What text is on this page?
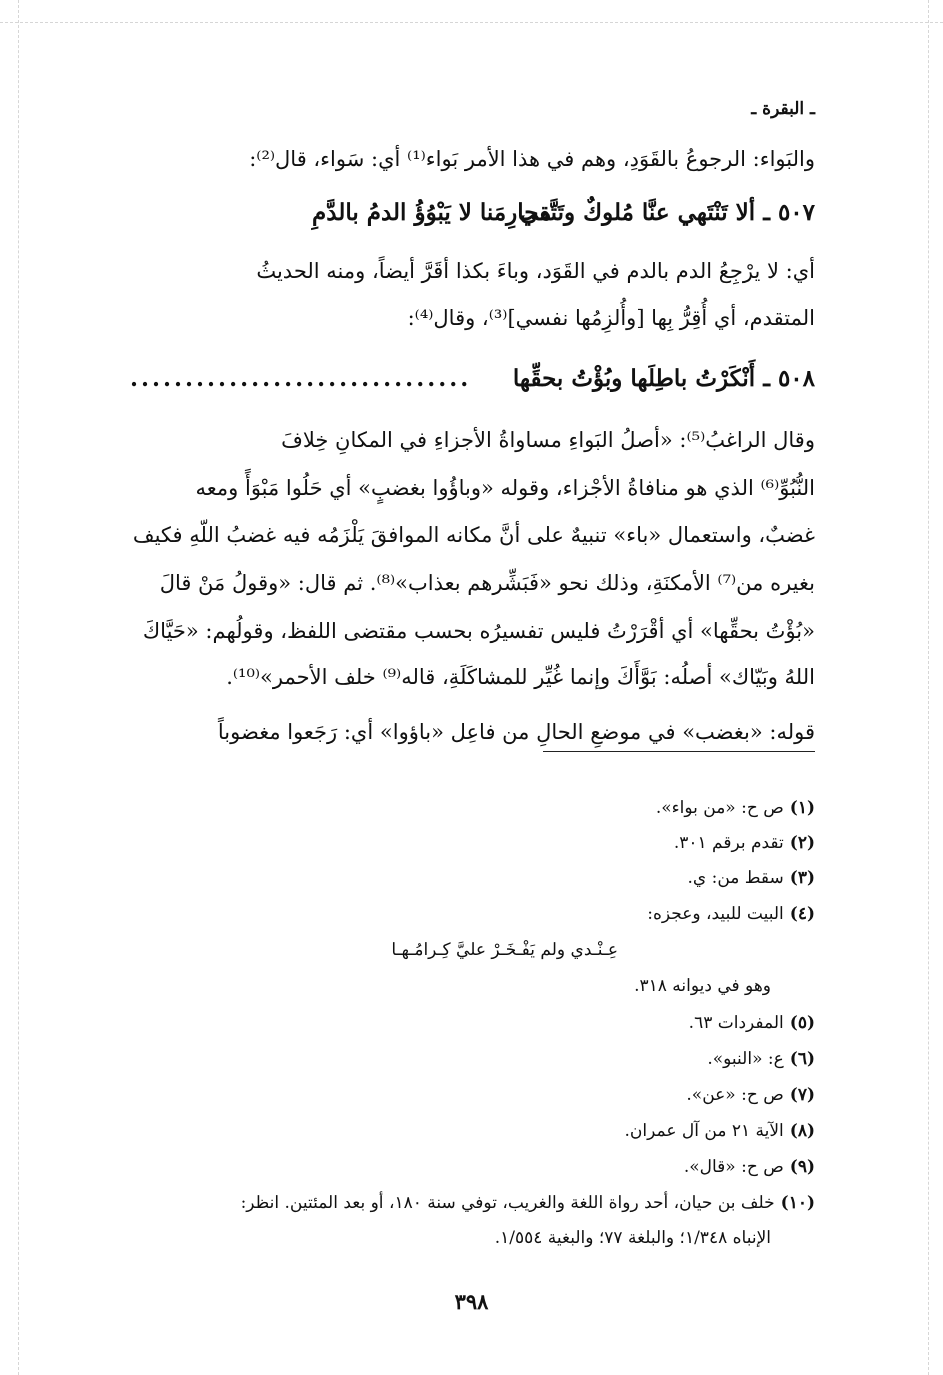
ـ البقرة ـ
والبَواء: الرجوعُ بالقَوَدِ، وهم في هذا الأمر بَواء⁽¹⁾ أي: سَواء، قال⁽²⁾:
٥٠٧ ـ ألا تَنْتَهي عنَّا مُلوكٌ وتَتَّقي
محارِمَنا لا يَبْوُؤُ الدمُ بالدَّمِ
أي: لا يرْجِعُ الدم بالدم في القَوَد، وباءَ بكذا أقَرَّ أيضاً، ومنه الحديثُ
المتقدم، أي أُقِرُّ بِها [وأُلزِمُها نفسي]⁽³⁾، وقال⁽⁴⁾:
٥٠٨ ـ أَنْكَرْتُ باطِلَها وبُؤْتُ بحقِّها
...............................
وقال الراغبُ⁽⁵⁾: «أصلُ البَواءِ مساواةُ الأجزاءِ في المكانِ خِلافَ
النُّبُوِّ⁽⁶⁾ الذي هو منافاةُ الأجْزاء، وقوله «وباؤُوا بغضبٍ» أي حَلُوا مَبْوَأً ومعه
غضبٌ، واستعمال «باء» تنبيهٌ على أنَّ مكانه الموافقَ يَلْزَمُه فيه غضبُ اللّهِ فكيف
بغيره من⁽⁷⁾ الأمكنَةِ، وذلك نحو «فَبَشِّرهم بعذاب»⁽⁸⁾. ثم قال: «وقولُ مَنْ قالَ
«بُؤْتُ بحقِّها» أي أقْرَرْتُ فليس تفسيرُه بحسب مقتضى اللفظ، وقولُهم: «حَيَّاكَ
اللهُ وبَيّاك» أصلُه: بَوَّأَكَ وإنما غُيِّر للمشاكَلَةِ، قاله⁽⁹⁾ خلف الأحمر»⁽¹⁰⁾.
قوله: «بغضب» في موضعِ الحالِ من فاعِل «باؤوا» أي: رَجَعوا مغضوباً
(١)ص ح: «من بواء».
(٢)تقدم برقم ٣٠١.
(٣)سقط من: ي.
(٤)البيت للبيد، وعجزه:
عِـنْـدي ولم يَفْـخَـرْ عليَّ كِـرامُـهـا
وهو في ديوانه ٣١٨.
(٥)المفردات ٦٣.
(٦)ع: «النبو».
(٧)ص ح: «عن».
(٨)الآية ٢١ من آل عمران.
(٩)ص ح: «قال».
(١٠)خلف بن حيان، أحد رواة اللغة والغريب، توفي سنة ١٨٠، أو بعد المئتين. انظر:
الإنباه ١/٣٤٨؛ والبلغة ٧٧؛ والبغية ١/٥٥٤.
٣٩٨
